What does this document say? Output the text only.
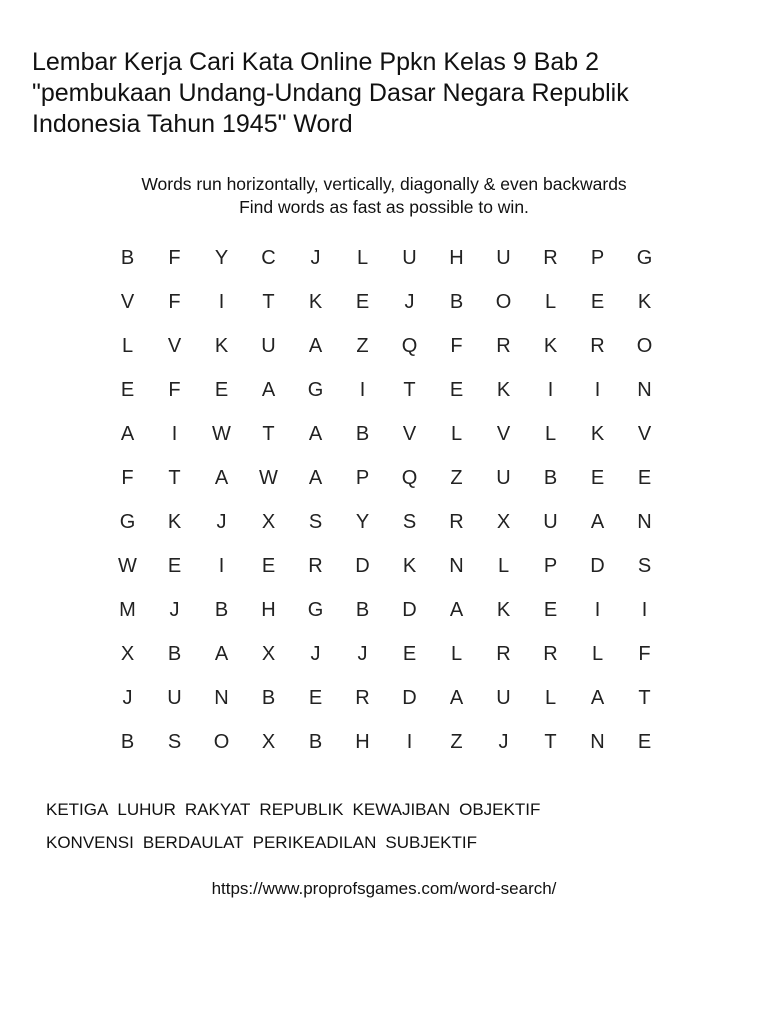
Lembar Kerja Cari Kata Online Ppkn Kelas 9 Bab 2
"pembukaan Undang-Undang Dasar Negara Republik
Indonesia Tahun 1945" Word
Words run horizontally, vertically, diagonally & even backwards
Find words as fast as possible to win.
B	F	Y	C	J	L	U	H	U	R	P	G
V	F	I	T	K	E	J	B	O	L	E	K
L	V	K	U	A	Z	Q	F	R	K	R	O
E	F	E	A	G	I	T	E	K	I	I	N
A	I	W	T	A	B	V	L	V	L	K	V
F	T	A	W	A	P	Q	Z	U	B	E	E
G	K	J	X	S	Y	S	R	X	U	A	N
W	E	I	E	R	D	K	N	L	P	D	S
M	J	B	H	G	B	D	A	K	E	I	I
X	B	A	X	J	J	E	L	R	R	L	F
J	U	N	B	E	R	D	A	U	L	A	T
B	S	O	X	B	H	I	Z	J	T	N	E
KETIGA LUHUR RAKYAT REPUBLIK KEWAJIBAN OBJEKTIF
KONVENSI BERDAULAT PERIKEADILAN SUBJEKTIF
https://www.proprofsgames.com/word-search/
